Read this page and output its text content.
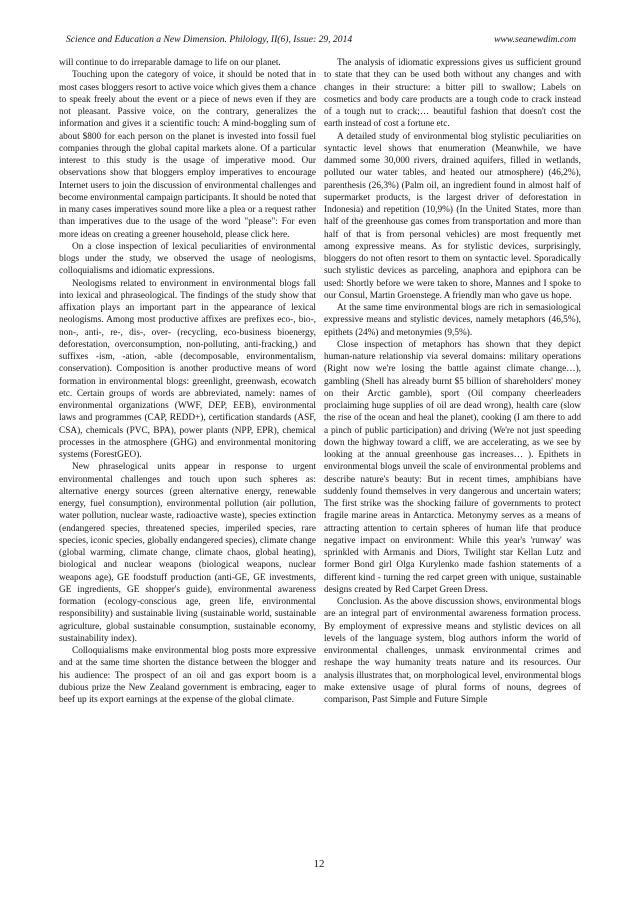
Science and Education a New Dimension. Philology, II(6), Issue: 29, 2014	www.seanewdim.com

will continue to do irreparable damage to life on our planet.

Touching upon the category of voice, it should be noted that in most cases bloggers resort to active voice which gives them a chance to speak freely about the event or a piece of news even if they are not pleasant. Passive voice, on the contrary, generalizes the information and gives it a scientific touch: A mind-boggling sum of about $800 for each person on the planet is invested into fossil fuel companies through the global capital markets alone. Of a particular interest to this study is the usage of imperative mood. Our observations show that bloggers employ imperatives to encourage Internet users to join the discussion of environmental challenges and become environmental campaign participants. It should be noted that in many cases imperatives sound more like a plea or a request rather than imperatives due to the usage of the word "please": For even more ideas on creating a greener household, please click here.

On a close inspection of lexical peculiarities of environmental blogs under the study, we observed the usage of neologisms, colloquialisms and idiomatic expressions.

Neologisms related to environment in environmental blogs fall into lexical and phraseological. The findings of the study show that affixation plays an important part in the appearance of lexical neologisms. Among most productive affixes are prefixes eco-, bio-, non-, anti-, re-, dis-, over- (recycling, eco-business bioenergy, deforestation, overconsumption, non-polluting, anti-fracking,) and suffixes -ism, -ation, -able (decomposable, environmentalism, conservation). Composition is another productive means of word formation in environmental blogs: greenlight, greenwash, ecowatch etc. Certain groups of words are abbreviated, namely: names of environmental organizations (WWF, DEP, EEB), environmental laws and programmes (CAP, REDD+), certification standards (ASF, CSA), chemicals (PVC, BPA), power plants (NPP, EPR), chemical processes in the atmosphere (GHG) and environmental monitoring systems (ForestGEO).

New phraselogical units appear in response to urgent environmental challenges and touch upon such spheres as: alternative energy sources (green alternative energy, renewable energy, fuel consumption), environmental pollution (air pollution, water pollution, nuclear waste, radioactive waste), species extinction (endangered species, threatened species, imperiled species, rare species, iconic species, globally endangered species), climate change (global warming, climate change, climate chaos, global heating), biological and nuclear weapons (biological weapons, nuclear weapons age), GE foodstuff production (anti-GE, GE investments, GE ingredients, GE shopper's guide), environmental awareness formation (ecology-conscious age, green life, environmental responsibility) and sustainable living (sustainable world, sustainable agriculture, global sustainable consumption, sustainable economy, sustainability index).

Colloquialisms make environmental blog posts more expressive and at the same time shorten the distance between the blogger and his audience: The prospect of an oil and gas export boom is a dubious prize the New Zealand government is embracing, eager to beef up its export earnings at the expense of the global climate.

The analysis of idiomatic expressions gives us sufficient ground to state that they can be used both without any changes and with changes in their structure: a bitter pill to swallow; Labels on cosmetics and body care products are a tough code to crack instead of a tough nut to crack;… beautiful fashion that doesn't cost the earth instead of cost a fortune etc.

A detailed study of environmental blog stylistic peculiarities on syntactic level shows that enumeration (Meanwhile, we have dammed some 30,000 rivers, drained aquifers, filled in wetlands, polluted our water tables, and heated our atmosphere) (46,2%), parenthesis (26,3%) (Palm oil, an ingredient found in almost half of supermarket products, is the largest driver of deforestation in Indonesia) and repetition (10,9%) (In the United States, more than half of the greenhouse gas comes from transportation and more than half of that is from personal vehicles) are most frequently met among expressive means. As for stylistic devices, surprisingly, bloggers do not often resort to them on syntactic level. Sporadically such stylistic devices as parceling, anaphora and epiphora can be used: Shortly before we were taken to shore, Mannes and I spoke to our Consul, Martin Groenstege. A friendly man who gave us hope.

At the same time environmental blogs are rich in semasiological expressive means and stylistic devices, namely metaphors (46,5%), epithets (24%) and metonymies (9,5%).

Close inspection of metaphors has shown that they depict human-nature relationship via several domains: military operations (Right now we're losing the battle against climate change…), gambling (Shell has already burnt $5 billion of shareholders' money on their Arctic gamble), sport (Oil company cheerleaders proclaiming huge supplies of oil are dead wrong), health care (slow the rise of the ocean and heal the planet), cooking (I am there to add a pinch of public participation) and driving (We're not just speeding down the highway toward a cliff, we are accelerating, as we see by looking at the annual greenhouse gas increases… ). Epithets in environmental blogs unveil the scale of environmental problems and describe nature's beauty: But in recent times, amphibians have suddenly found themselves in very dangerous and uncertain waters; The first strike was the shocking failure of governments to protect fragile marine areas in Antarctica. Metonymy serves as a means of attracting attention to certain spheres of human life that produce negative impact on environment: While this year's 'runway' was sprinkled with Armanis and Diors, Twilight star Kellan Lutz and former Bond girl Olga Kurylenko made fashion statements of a different kind - turning the red carpet green with unique, sustainable designs created by Red Carpet Green Dress.

Conclusion. As the above discussion shows, environmental blogs are an integral part of environmental awareness formation process. By employment of expressive means and stylistic devices on all levels of the language system, blog authors inform the world of environmental challenges, unmask environmental crimes and reshape the way humanity treats nature and its resources. Our analysis illustrates that, on morphological level, environmental blogs make extensive usage of plural forms of nouns, degrees of comparison, Past Simple and Future Simple

12
